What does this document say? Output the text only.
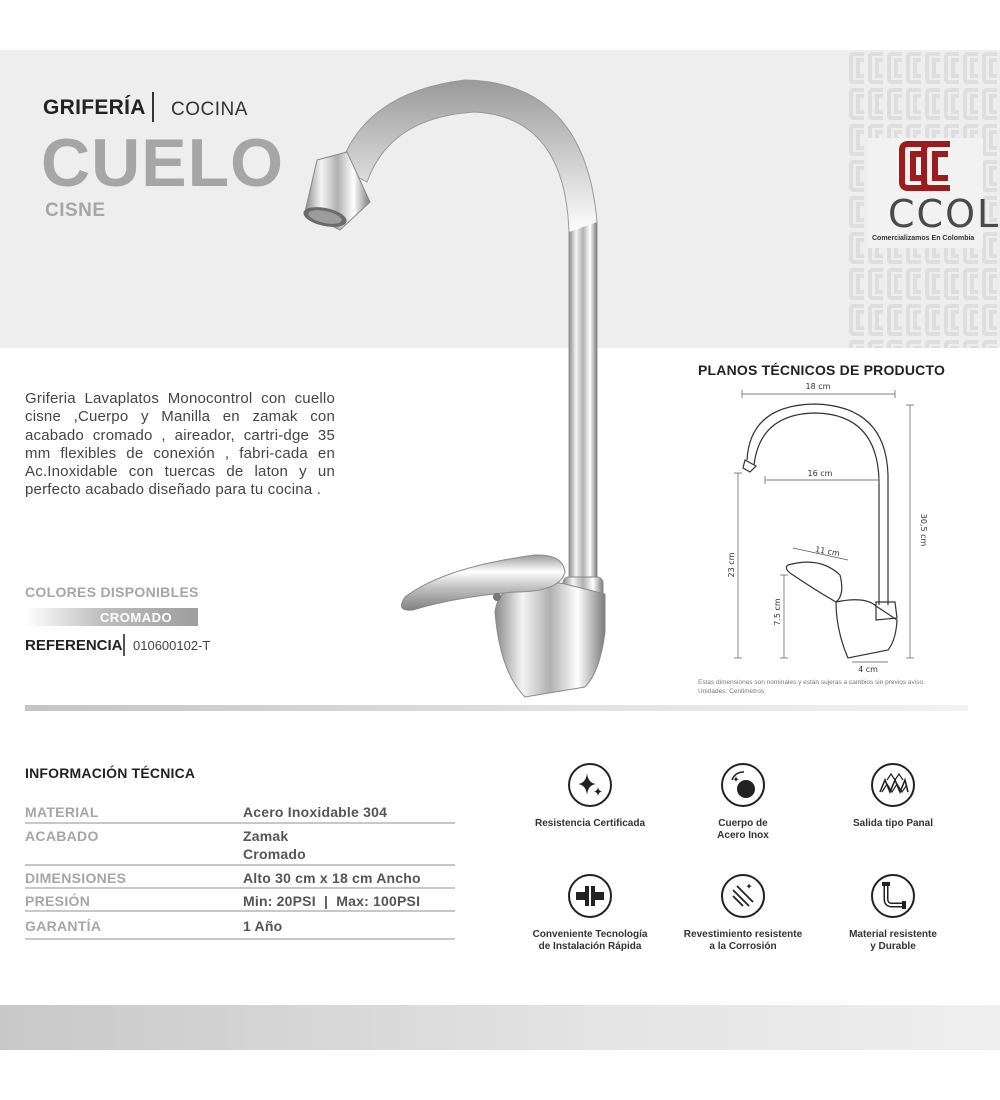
GRIFERÍA COCINA
CUELO
CISNE	CCOL
Comercializamos En Colombia
Griferia Lavaplatos Monocontrol con cuello cisne ,Cuerpo y Manilla en zamak con acabado cromado , aireador, cartri-dge 35 mm flexibles de conexión , fabri-cada en Ac.Inoxidable con tuercas de laton y un perfecto acabado diseñado para tu cocina .
COLORES DISPONIBLES
CROMADO
REFERENCIA 010600102-T
PLANOS TÉCNICOS DE PRODUCTO
18 cm
16 cm
11 cm
4 cm
30,5 cm
23 cm
7.5 cm
Estas dimensiones son nominales y están sujeras a cambios sin previos aviso.
Unidades: Centimetros
INFORMACIÓN TÉCNICA
MATERIAL	Acero Inoxidable 304
ACABADO	Zamak
Cromado
DIMENSIONES	Alto 30 cm x 18 cm Ancho
PRESIÓN	Min: 20PSI  |  Max: 100PSI
GARANTÍA	1 Año
Resistencia Certificada	Cuerpo de
Acero Inox
Salida tipo Panal
Conveniente Tecnología
de Instalación Rápida
Revestimiento resistente
a la Corrosión
Material resistente
y Durable
